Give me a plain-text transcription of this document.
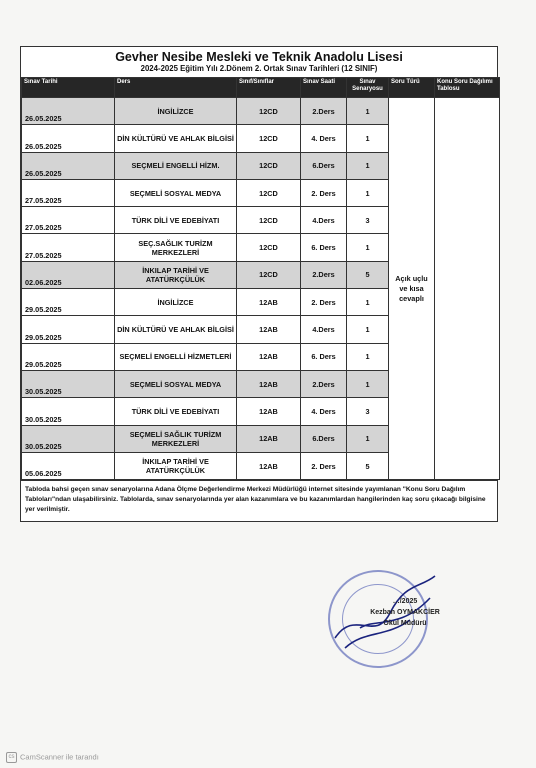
Gevher Nesibe Mesleki ve Teknik Anadolu Lisesi
2024-2025 Eğitim Yılı 2.Dönem 2. Ortak Sınav Tarihleri (12 SINIF)
Sınav Tarihi	Ders	Sınıf/Sınıflar	Sınav Saati	Sınav Senaryosu	Soru Türü	Konu Soru Dağılımı Tablosu
26.05.2025	İNGİLİZCE	12CD	2.Ders	1	Açık uçlu ve kısa cevaplı	
26.05.2025	DİN KÜLTÜRÜ VE AHLAK BİLGİSİ	12CD	4. Ders	1		
26.05.2025	SEÇMELİ ENGELLİ HİZM.	12CD	6.Ders	1		
27.05.2025	SEÇMELİ SOSYAL MEDYA	12CD	2. Ders	1		
27.05.2025	TÜRK DİLİ VE EDEBİYATI	12CD	4.Ders	3		
27.05.2025	SEÇ.SAĞLIK TURİZM MERKEZLERİ	12CD	6. Ders	1		
02.06.2025	İNKILAP TARİHİ VE ATATÜRKÇÜLÜK	12CD	2.Ders	5		
29.05.2025	İNGİLİZCE	12AB	2. Ders	1		
29.05.2025	DİN KÜLTÜRÜ VE AHLAK BİLGİSİ	12AB	4.Ders	1		
29.05.2025	SEÇMELİ ENGELLİ HİZMETLERİ	12AB	6. Ders	1		
30.05.2025	SEÇMELİ SOSYAL MEDYA	12AB	2.Ders	1		
30.05.2025	TÜRK DİLİ VE EDEBİYATI	12AB	4. Ders	3		
30.05.2025	SEÇMELİ SAĞLIK TURİZM MERKEZLERİ	12AB	6.Ders	1		
05.06.2025	İNKILAP TARİHİ VE ATATÜRKÇÜLÜK	12AB	2. Ders	5		
Tabloda bahsi geçen sınav senaryolarına Adana Ölçme Değerlendirme Merkezi Müdürlüğü internet sitesinde yayımlanan "Konu Soru Dağılım Tabloları"ndan ulaşabilirsiniz. Tablolarda, sınav senaryolarında yer alan kazanımlara ve bu kazanımlardan hangilerinden kaç soru çıkacağı bilgisine yer verilmiştir.
…/2025
Kezban OYMAKCİER
Okul Müdürü
cs CamScanner ile tarandı
